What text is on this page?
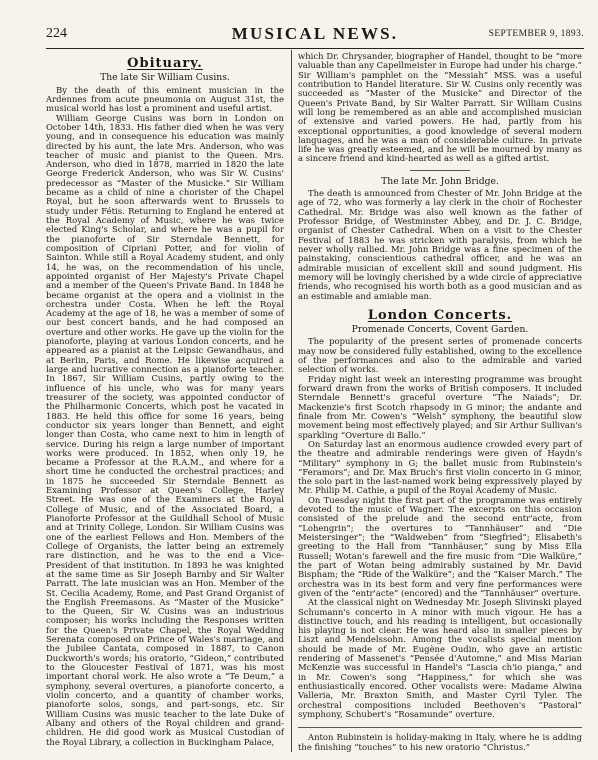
224	MUSICAL NEWS.	SEPTEMBER 9, 1893.
Obituary.
The late Sir William Cusins.

By the death of this eminent musician in the Ardennes from acute pneumonia on August 31st, the musical world has lost a prominent and useful artist.

William George Cusins was born in London on October 14th, 1833. His father died when he was very young, and in consequence his education was mainly directed by his aunt, the late Mrs. Anderson, who was teacher of music and pianist to the Queen. Mrs. Anderson, who died in 1878, married in 1820 the late George Frederick Anderson, who was Sir W. Cusins' predecessor as “Master of the Musicke.” Sir William became as a child of nine a chorister of the Chapel Royal, but he soon afterwards went to Brussels to study under Fétis. Returning to England he entered at the Royal Academy of Music, where he was twice elected King's Scholar, and where he was a pupil for the pianoforte of Sir Sterndale Bennett, for composition of Cipriani Potter, and for violin of Sainton. While still a Royal Academy student, and only 14, he was, on the recommendation of his uncle, appointed organist of Her Majesty's Private Chapel and a member of the Queen's Private Band. In 1848 he became organist at the opera and a violinist in the orchestra under Costa. When he left the Royal Academy at the age of 18, he was a member of some of our best concert bands, and he had composed an overture and other works. He gave up the violin for the pianoforte, playing at various London concerts, and he appeared as a pianist at the Leipsic Gewandhaus, and at Berlin, Paris, and Rome. He likewise acquired a large and lucrative connection as a pianoforte teacher. In 1867, Sir William Cusins, partly owing to the influence of his uncle, who was for many years treasurer of the society, was appointed conductor of the Philharmonic Concerts, which post he vacated in 1883. He held this office for some 16 years, being conductor six years longer than Bennett, and eight longer than Costa, who came next to him in length of service. During his reign a large number of important works were produced. In 1852, when only 19, he became a Professor at the R.A.M., and where for a short time he conducted the orchestral practices; and in 1875 he succeeded Sir Sterndale Bennett as Examining Professor at Queen's College, Harley Street. He was one of the Examiners at the Royal College of Music, and of the Associated Board, a Pianoforte Professor at the Guildhall School of Music and at Trinity College, London. Sir William Cusins was one of the earliest Fellows and Hon. Members of the College of Organists, the latter being an extremely rare distinction, and he was to the end a Vice-President of that institution. In 1893 he was knighted at the same time as Sir Joseph Barnby and Sir Walter Parratt. The late musician was an Hon. Member of the St. Cecilia Academy, Rome, and Past Grand Organist of the English Freemasons. As “Master of the Musicke” to the Queen, Sir W. Cusins was an industrious composer; his works including the Responses written for the Queen's Private Chapel, the Royal Wedding Serenata composed on Prince of Wales's marriage, and the Jubilee Cantata, composed in 1887, to Canon Duckworth's words; his oratorio, “Gideon,” contributed to the Gloucester Festival of 1871, was his most important choral work. He also wrote a “Te Deum,” a symphony, several overtures, a pianoforte concerto, a violin concerto, and a quantity of chamber works, pianoforte solos, songs, and part-songs, etc. Sir William Cusins was music teacher to the late Duke of Albany and others of the Royal children and grand-children. He did good work as Musical Custodian of the Royal Library, a collection in Buckingham Palace,

which Dr. Chrysander, biographer of Handel, thought to be “more valuable than any Capellmeister in Europe had under his charge.” Sir William's pamphlet on the “Messiah” MSS. was a useful contribution to Handel literature. Sir W. Cusins only recently was succeeded as “Master of the Musicke” and Director of the Queen's Private Band, by Sir Walter Parratt. Sir William Cusins will long be remembered as an able and accomplished musician of extensive and varied powers. He had, partly from his exceptional opportunities, a good knowledge of several modern languages, and he was a man of considerable culture. In private life he was greatly esteemed, and he will be mourned by many as a sincere friend and kind-hearted as well as a gifted artist.

The late Mr. John Bridge.

The death is announced from Chester of Mr. John Bridge at the age of 72, who was formerly a lay clerk in the choir of Rochester Cathedral. Mr. Bridge was also well known as the father of Professor Bridge, of Westminster Abbey, and Dr. J. C. Bridge, organist of Chester Cathedral. When on a visit to the Chester Festival of 1883 he was stricken with paralysis, from which he never wholly rallied. Mr. John Bridge was a fine specimen of the painstaking, conscientious cathedral officer, and he was an admirable musician of excellent skill and sound judgment. His memory will be lovingly cherished by a wide circle of appreciative friends, who recognised his worth both as a good musician and as an estimable and amiable man.

London Concerts.
Promenade Concerts, Covent Garden.

The popularity of the present series of promenade concerts may now be considered fully established, owing to the excellence of the performances and also to the admirable and varied selection of works.

Friday night last week an interesting programme was brought forward drawn from the works of British composers. It included Sterndale Bennett's graceful overture “The Naiads”; Dr. Mackenzie's first Scotch rhapsody in G minor; the andante and finale from Mr. Cowen's “Welsh” symphony, the beautiful slow movement being most effectively played; and Sir Arthur Sullivan's sparkling “Overture di Ballo.”

On Saturday last an enormous audience crowded every part of the theatre and admirable renderings were given of Haydn's “Military” symphony in G; the ballet music from Rubinstein's “Feramors”; and Dr. Max Bruch's first violin concerto in G minor, the solo part in the last-named work being expressively played by Mr. Philip M. Cathie, a pupil of the Royal Academy of Music.

On Tuesday night the first part of the programme was entirely devoted to the music of Wagner. The excerpts on this occasion consisted of the prelude and the second entr'acte, from “Lohengrin”; the overtures to “Tannhäuser” and “Die Meistersinger”; the “Waldweben” from “Siegfried”; Elisabeth's greeting to the Hall from “Tannhäuser,” sung by Miss Ella Russell; Wotan's farewell and the fire music from “Die Walküre,” the part of Wotan being admirably sustained by Mr. David Bispham; the “Ride of the Walküre”; and the “Kaiser March.” The orchestra was in its best form and very fine performances were given of the “entr'acte” (encored) and the “Tannhäuser” overture.

At the classical night on Wednesday Mr. Joseph Slivinski played Schumann's concerto in A minor with much vigour. He has a distinctive touch, and his reading is intelligent, but occasionally his playing is not clear. He was heard also in smaller pieces by Liszt and Mendelssohn. Among the vocalists special mention should be made of Mr. Eugène Oudin, who gave an artistic rendering of Massenet's “Pensée d'Automne,” and Miss Marian McKenzie was successful in Handel's “Lascia ch'io pianga,” and in Mr. Cowen's song “Happiness,” for which she was enthusiastically encored. Other vocalists were: Madame Alwina Valleria, Mr. Braxton Smith, and Master Cyril Tyler. The orchestral compositions included Beethoven's “Pastoral” symphony, Schubert's “Rosamunde” overture.

Anton Rubinstein is holiday-making in Italy, where he is adding the finishing “touches” to his new oratorio “Christus.”
